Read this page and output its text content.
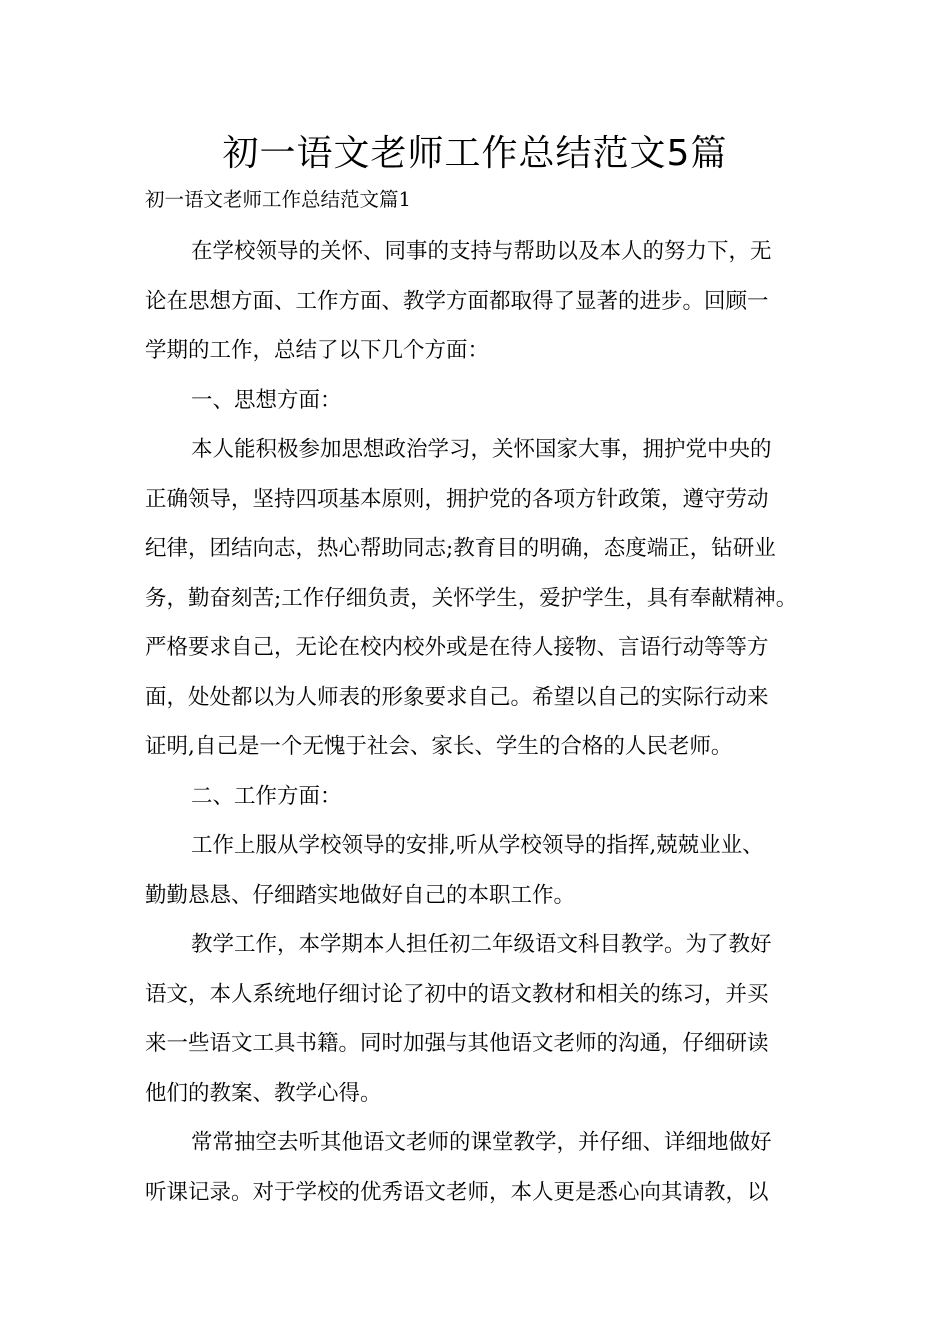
初一语文老师工作总结范文5篇
初一语文老师工作总结范文篇1
在学校领导的关怀、同事的支持与帮助以及本人的努力下，无
论在思想方面、工作方面、教学方面都取得了显著的进步。回顾一
学期的工作，总结了以下几个方面：
一、思想方面：
本人能积极参加思想政治学习，关怀国家大事，拥护党中央的
正确领导，坚持四项基本原则，拥护党的各项方针政策，遵守劳动
纪律，团结向志，热心帮助同志;教育目的明确，态度端正，钻研业
务，勤奋刻苦;工作仔细负责，关怀学生，爱护学生，具有奉献精神。
严格要求自己，无论在校内校外或是在待人接物、言语行动等等方
面，处处都以为人师表的形象要求自己。希望以自己的实际行动来
证明,自己是一个无愧于社会、家长、学生的合格的人民老师。
二、工作方面：
工作上服从学校领导的安排,听从学校领导的指挥,兢兢业业、
勤勤恳恳、仔细踏实地做好自己的本职工作。
教学工作，本学期本人担任初二年级语文科目教学。为了教好
语文，本人系统地仔细讨论了初中的语文教材和相关的练习，并买
来一些语文工具书籍。同时加强与其他语文老师的沟通，仔细研读
他们的教案、教学心得。
常常抽空去听其他语文老师的课堂教学，并仔细、详细地做好
听课记录。对于学校的优秀语文老师，本人更是悉心向其请教，以
